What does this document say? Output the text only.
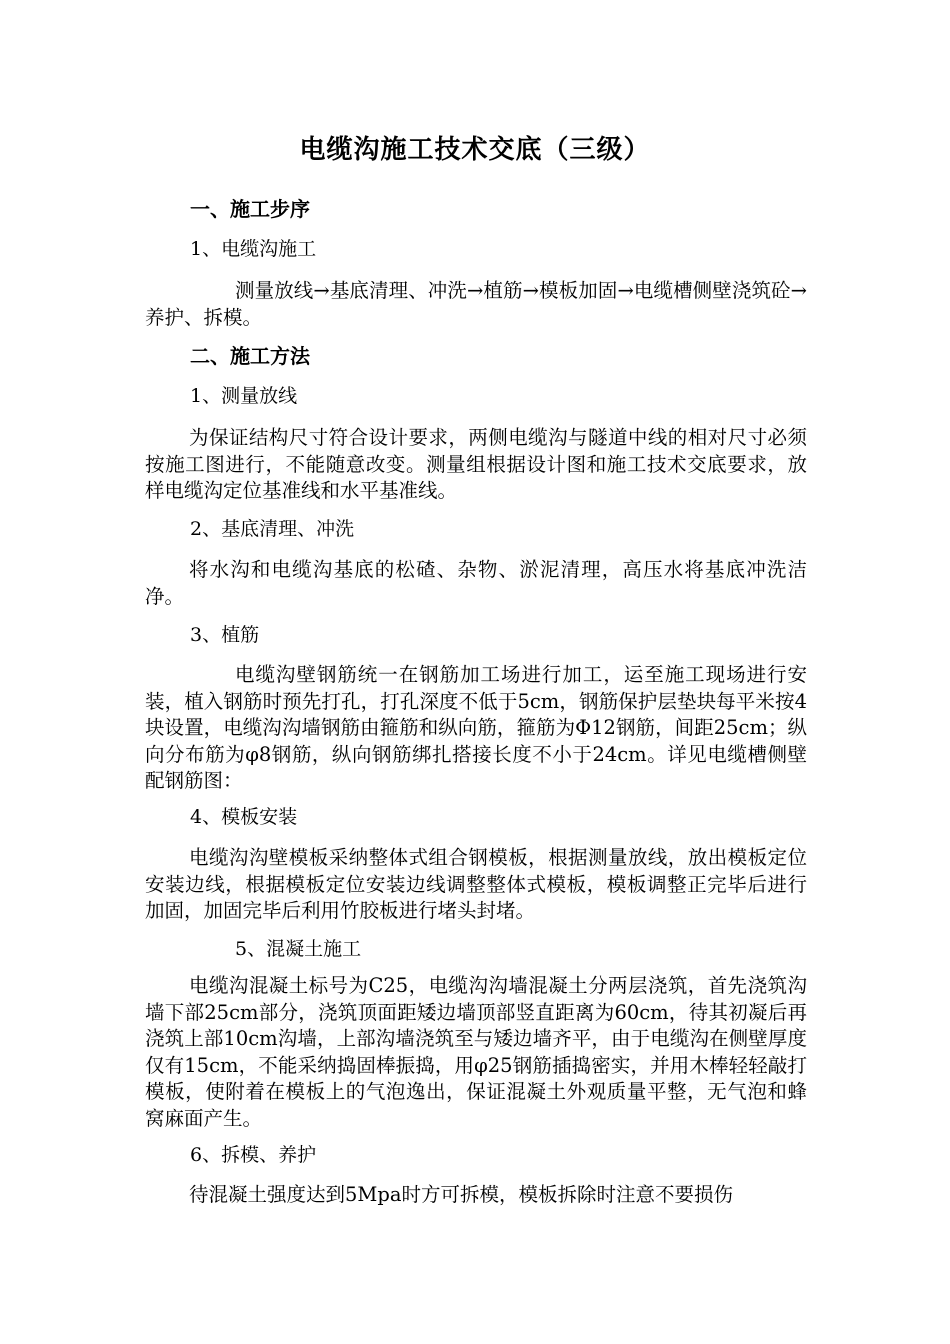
电缆沟施工技术交底（三级）
一、施工步序
1、电缆沟施工
测量放线→基底清理、冲洗→植筋→模板加固→电缆槽侧壁浇筑砼→养护、拆模。
二、施工方法
1、测量放线
为保证结构尺寸符合设计要求，两侧电缆沟与隧道中线的相对尺寸必须按施工图进行，不能随意改变。测量组根据设计图和施工技术交底要求，放样电缆沟定位基准线和水平基准线。
2、基底清理、冲洗
将水沟和电缆沟基底的松碴、杂物、淤泥清理，高压水将基底冲洗洁净。
3、植筋
电缆沟壁钢筋统一在钢筋加工场进行加工，运至施工现场进行安装，植入钢筋时预先打孔，打孔深度不低于5cm，钢筋保护层垫块每平米按4块设置，电缆沟沟墙钢筋由箍筋和纵向筋，箍筋为Φ12钢筋，间距25cm；纵向分布筋为φ8钢筋，纵向钢筋绑扎搭接长度不小于24cm。详见电缆槽侧壁配钢筋图：
4、模板安装
电缆沟沟壁模板采纳整体式组合钢模板，根据测量放线，放出模板定位安装边线，根据模板定位安装边线调整整体式模板，模板调整正完毕后进行加固，加固完毕后利用竹胶板进行堵头封堵。
5、混凝土施工
电缆沟混凝土标号为C25，电缆沟沟墙混凝土分两层浇筑，首先浇筑沟墙下部25cm部分，浇筑顶面距矮边墙顶部竖直距离为60cm，待其初凝后再浇筑上部10cm沟墙，上部沟墙浇筑至与矮边墙齐平，由于电缆沟在侧壁厚度仅有15cm，不能采纳捣固棒振捣，用φ25钢筋插捣密实，并用木棒轻轻敲打模板，使附着在模板上的气泡逸出，保证混凝土外观质量平整，无气泡和蜂窝麻面产生。
6、拆模、养护
待混凝土强度达到5Mpa时方可拆模，模板拆除时注意不要损伤
